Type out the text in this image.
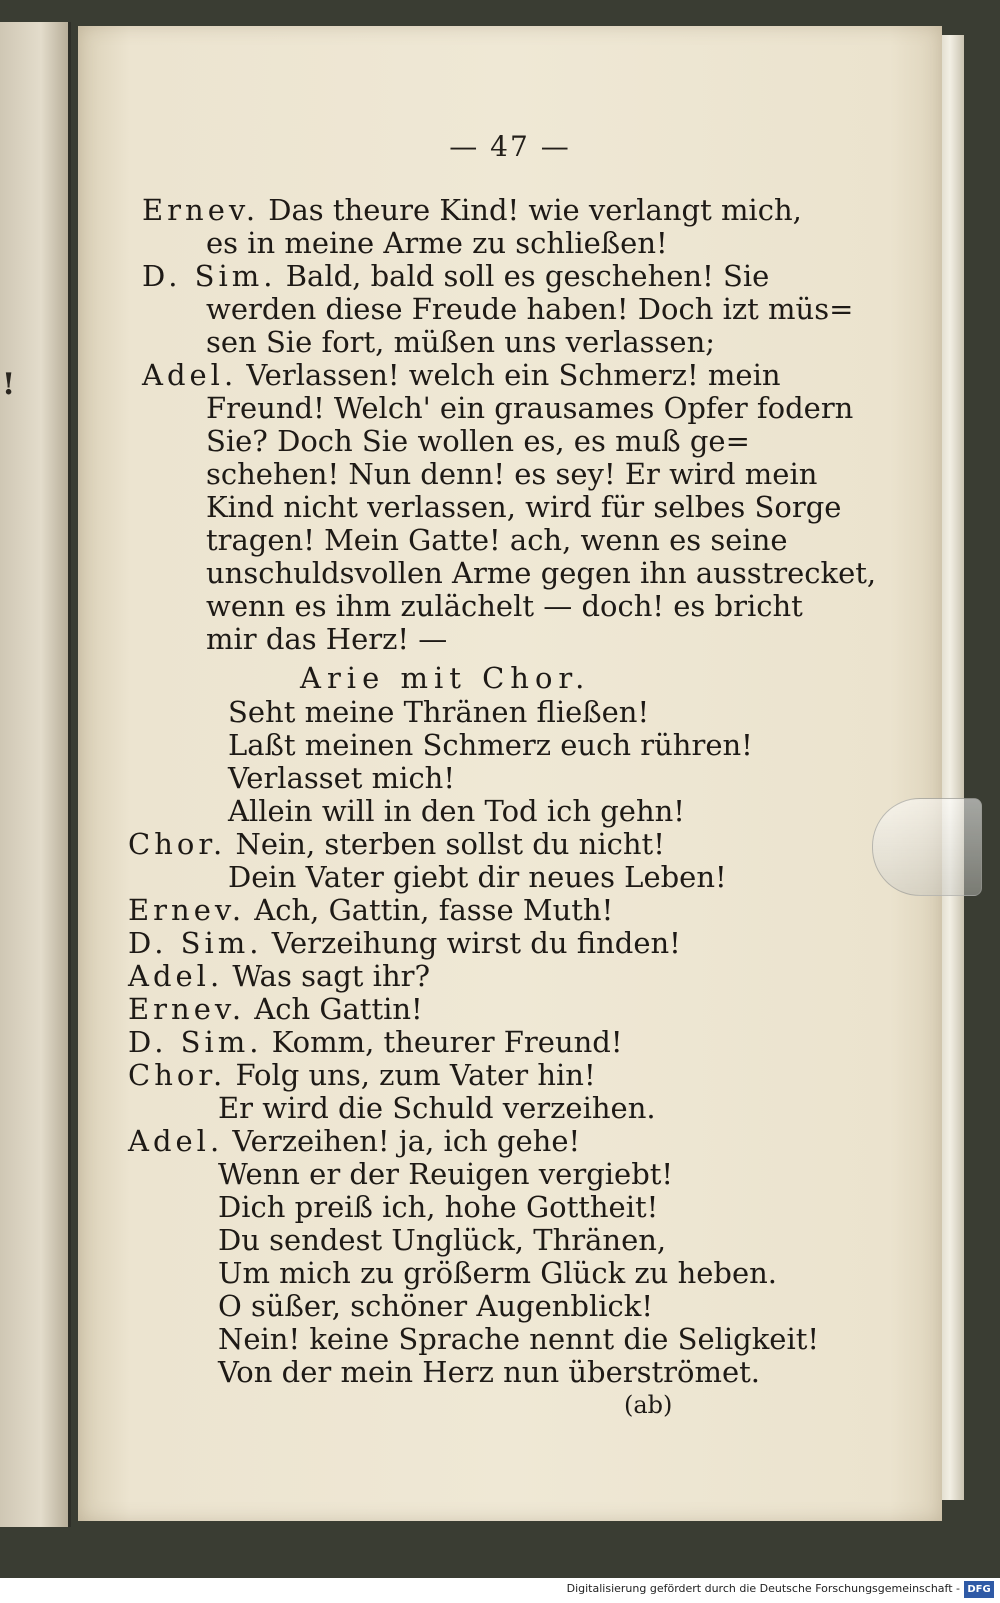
!
— 47 —
Ernev. Das theure Kind! wie verlangt mich,
es in meine Arme zu schließen!
D. Sim. Bald, bald soll es geschehen! Sie
werden diese Freude haben! Doch izt müs=
sen Sie fort, müßen uns verlassen;
Adel. Verlassen! welch ein Schmerz! mein
Freund! Welch' ein grausames Opfer fodern
Sie? Doch Sie wollen es, es muß ge=
schehen! Nun denn! es sey! Er wird mein
Kind nicht verlassen, wird für selbes Sorge
tragen! Mein Gatte! ach, wenn es seine
unschuldsvollen Arme gegen ihn ausstrecket,
wenn es ihm zulächelt — doch! es bricht
mir das Herz! —
Arie mit Chor.
Seht meine Thränen fließen!
Laßt meinen Schmerz euch rühren!
Verlasset mich!
Allein will in den Tod ich gehn!
Chor. Nein, sterben sollst du nicht!
Dein Vater giebt dir neues Leben!
Ernev. Ach, Gattin, fasse Muth!
D. Sim. Verzeihung wirst du finden!
Adel. Was sagt ihr?
Ernev. Ach Gattin!
D. Sim. Komm, theurer Freund!
Chor. Folg uns, zum Vater hin!
Er wird die Schuld verzeihen.
Adel. Verzeihen! ja, ich gehe!
Wenn er der Reuigen vergiebt!
Dich preiß ich, hohe Gottheit!
Du sendest Unglück, Thränen,
Um mich zu größerm Glück zu heben.
O süßer, schöner Augenblick!
Nein! keine Sprache nennt die Seligkeit!
Von der mein Herz nun überströmet.
(ab)
Digitalisierung gefördert durch die Deutsche Forschungsgemeinschaft - DFG
